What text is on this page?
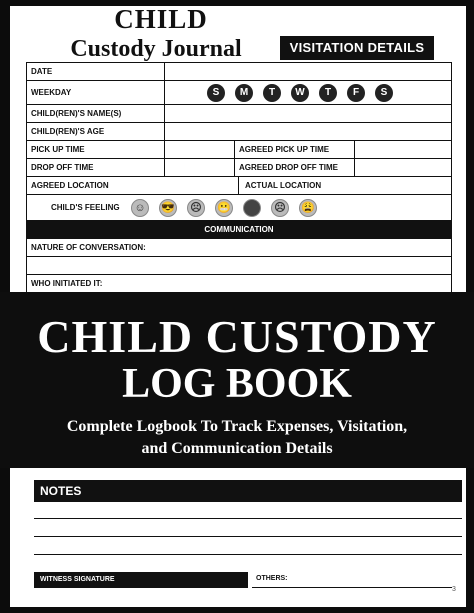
CHILD
Custody Journal	VISITATION DETAILS
DATE
WEEKDAY	S	M	T	W	T	F	S
CHILD(REN)'S NAME(S)
CHILD(REN)'S AGE
PICK UP TIME	AGREED PICK UP TIME
DROP OFF TIME	AGREED DROP OFF TIME
AGREED LOCATION	ACTUAL LOCATION
CHILD'S FEELING	☺	😎 ☹ 😬	☹ 😩
COMMUNICATION
NATURE OF CONVERSATION:
WHO INITIATED IT:
CHILD CUSTODY
LOG BOOK
Complete Logbook To Track Expenses, Visitation,
and Communication Details
NOTES
WITNESS SIGNATURE	OTHERS:
3
